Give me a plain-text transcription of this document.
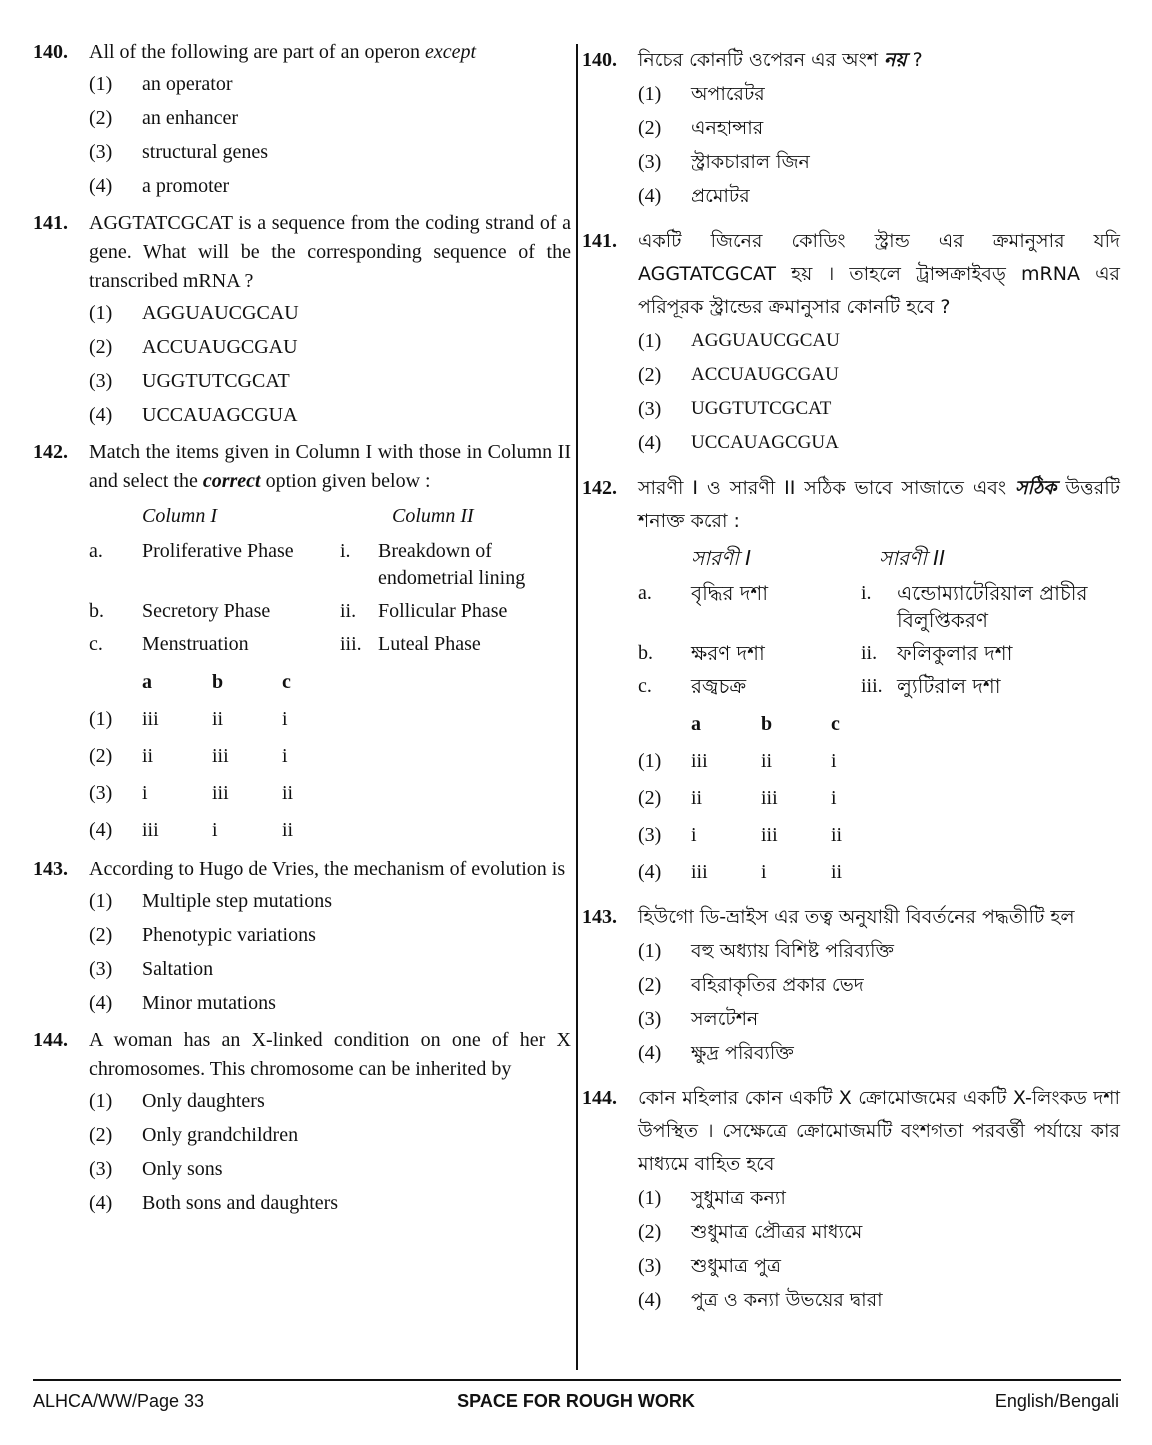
140.	All of the following are part of an operon except
(1)	an operator
(2)	an enhancer
(3)	structural genes
(4)	a promoter
141.	AGGTATCGCAT is a sequence from the coding strand of a gene. What will be the corresponding sequence of the transcribed mRNA ?
(1)	AGGUAUCGCAU
(2)	ACCUAUGCGAU
(3)	UGGTUTCGCAT
(4)	UCCAUAGCGUA
142.	Match the items given in Column I with those in Column II and select the correct option given below :
Column I	Column II
a.	Proliferative Phase	i.	Breakdown of endometrial lining
b.	Secretory Phase	ii.	Follicular Phase
c.	Menstruation	iii. Luteal Phase
a	b	c
(1)	iii	ii	i
(2)	ii	iii	i
(3)	i	iii	ii
(4)	iii	i	ii
143.	According to Hugo de Vries, the mechanism of evolution is
(1)	Multiple step mutations
(2)	Phenotypic variations
(3)	Saltation
(4)	Minor mutations
144.	A woman has an X-linked condition on one of her X chromosomes. This chromosome can be inherited by
(1)	Only daughters
(2)	Only grandchildren
(3)	Only sons
(4)	Both sons and daughters
140.	নিচের কোনটি ওপেরন এর অংশ নয় ?
(1)	অপারেটর
(2)	এনহান্সার
(3)	স্ট্রাকচারাল জিন
(4)	প্রমোটর
141.	একটি জিনের কোডিং স্ট্রান্ড এর ক্রমানুসার যদি AGGTATCGCAT হয় । তাহলে ট্রান্সক্রাইবড্ mRNA এর পরিপূরক স্ট্রান্ডের ক্রমানুসার কোনটি হবে ?
(1)	AGGUAUCGCAU
(2)	ACCUAUGCGAU
(3)	UGGTUTCGCAT
(4)	UCCAUAGCGUA
142.	সারণী I ও সারণী II সঠিক ভাবে সাজাতে এবং সঠিক উত্তরটি শনাক্ত করো :
সারণী I	সারণী II
a.	বৃদ্ধির দশা	i.	এন্ডোম্যাটেরিয়াল প্রাচীর বিলুপ্তিকরণ
b.	ক্ষরণ দশা	ii. ফলিকুলার দশা
c.	রজ্বচক্র	iii. ল্যুটিরাল দশা
a	b	c
(1)	iii	ii	i
(2)	ii	iii	i
(3)	i	iii	ii
(4)	iii	i	ii
143.	হিউগো ডি-ভ্রাইস এর তত্ব অনুযায়ী বিবর্তনের পদ্ধতীটি হল
(1)	বহু অধ্যায় বিশিষ্ট পরিব্যক্তি
(2)	বহিরাকৃতির প্রকার ভেদ
(3)	সলটেশন
(4)	ক্ষুদ্র পরিব্যক্তি
144.	কোন মহিলার কোন একটি X ক্রোমোজমের একটি X-লিংকড দশা উপস্থিত । সেক্ষেত্রে ক্রোমোজমটি বংশগতা পরবর্ত্তী পর্যায়ে কার মাধ্যমে বাহিত হবে
(1)	সুধুমাত্র কন্যা
(2)	শুধুমাত্র প্রৌত্রর মাধ্যমে
(3)	শুধুমাত্র পুত্র
(4)	পুত্র ও কন্যা উভয়ের দ্বারা
ALHCA/WW/Page 33	SPACE FOR ROUGH WORK	English/Bengali
